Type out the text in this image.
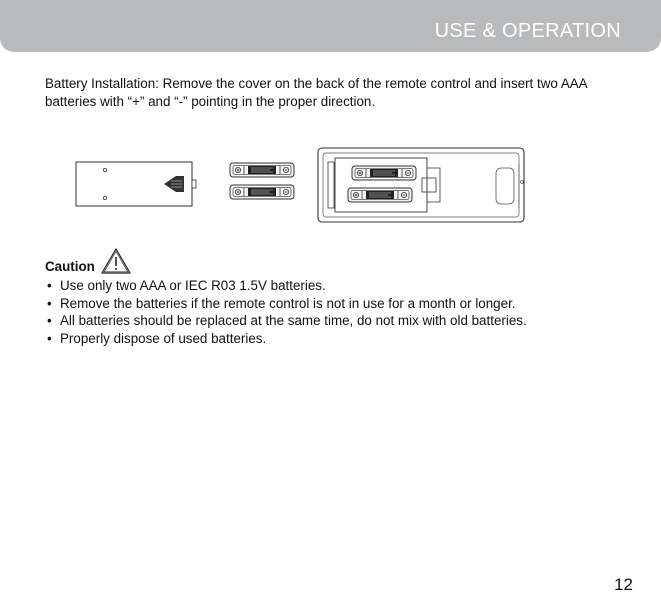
USE & OPERATION
Battery Installation: Remove the cover on the back of the remote control and insert two AAA
batteries with “+” and “-” pointing in the proper direction.
Caution
• Use only two AAA or IEC R03 1.5V batteries.
• Remove the batteries if the remote control is not in use for a month or longer.
• All batteries should be replaced at the same time, do not mix with old batteries.
• Properly dispose of used batteries.
12
